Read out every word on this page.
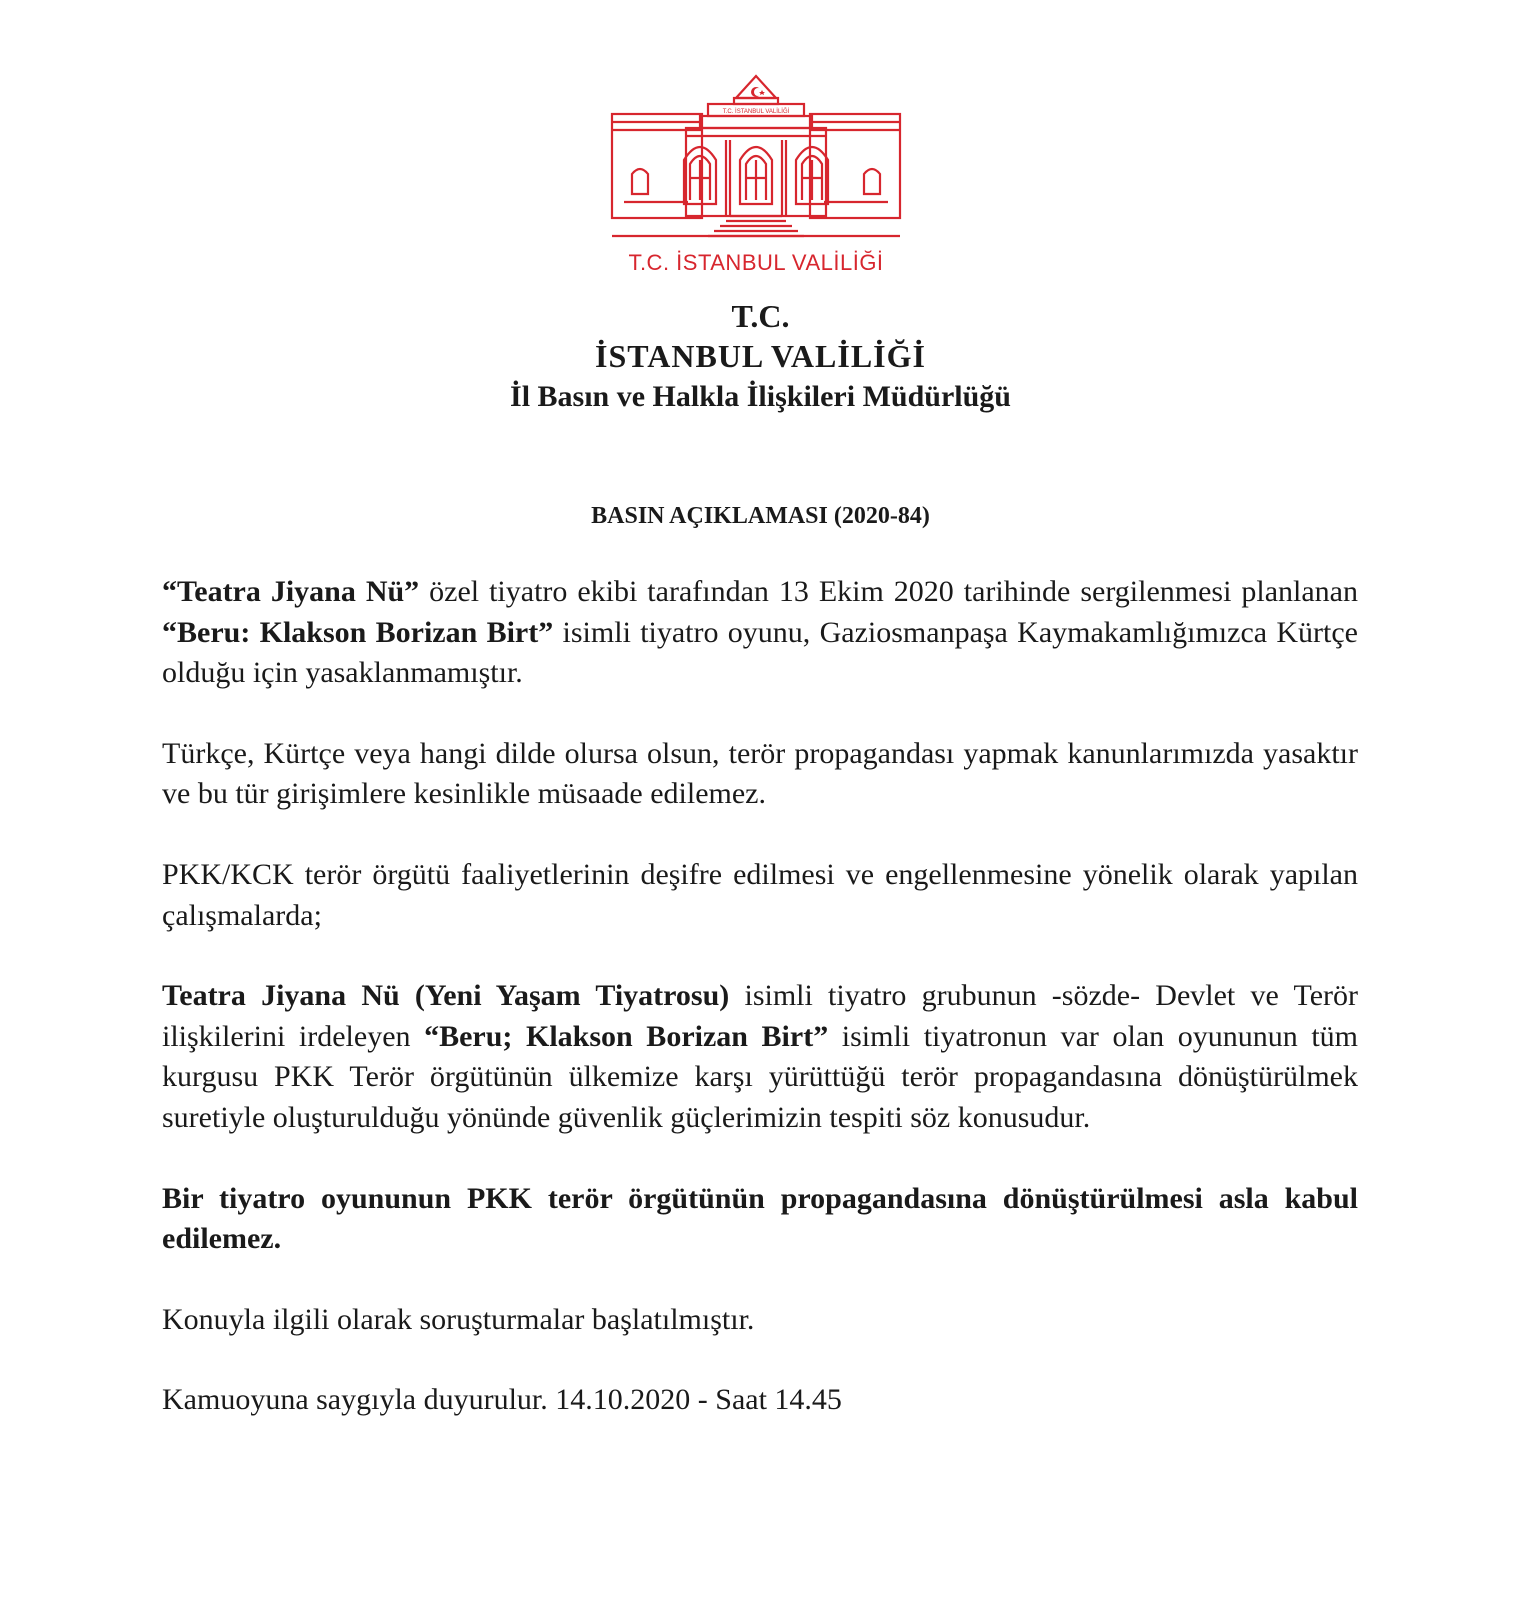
T.C. İSTANBUL VALİLİĞİ
T.C. İSTANBUL VALİLİĞİ
T.C.
İSTANBUL VALİLİĞİ
İl Basın ve Halkla İlişkileri Müdürlüğü
BASIN AÇIKLAMASI (2020-84)

“Teatra Jiyana Nü” özel tiyatro ekibi tarafından 13 Ekim 2020 tarihinde sergilenmesi planlanan “Beru: Klakson Borizan Birt” isimli tiyatro oyunu, Gaziosmanpaşa Kaymakamlığımızca Kürtçe olduğu için yasaklanmamıştır.

Türkçe, Kürtçe veya hangi dilde olursa olsun, terör propagandası yapmak kanunlarımızda yasaktır ve bu tür girişimlere kesinlikle müsaade edilemez.

PKK/KCK terör örgütü faaliyetlerinin deşifre edilmesi ve engellenmesine yönelik olarak yapılan çalışmalarda;

Teatra Jiyana Nü (Yeni Yaşam Tiyatrosu) isimli tiyatro grubunun -sözde- Devlet ve Terör ilişkilerini irdeleyen “Beru; Klakson Borizan Birt” isimli tiyatronun var olan oyununun tüm kurgusu PKK Terör örgütünün ülkemize karşı yürüttüğü terör propagandasına dönüştürülmek suretiyle oluşturulduğu yönünde güvenlik güçlerimizin tespiti söz konusudur.

Bir tiyatro oyununun PKK terör örgütünün propagandasına dönüştürülmesi asla kabul edilemez.

Konuyla ilgili olarak soruşturmalar başlatılmıştır.

Kamuoyuna saygıyla duyurulur. 14.10.2020 - Saat 14.45
